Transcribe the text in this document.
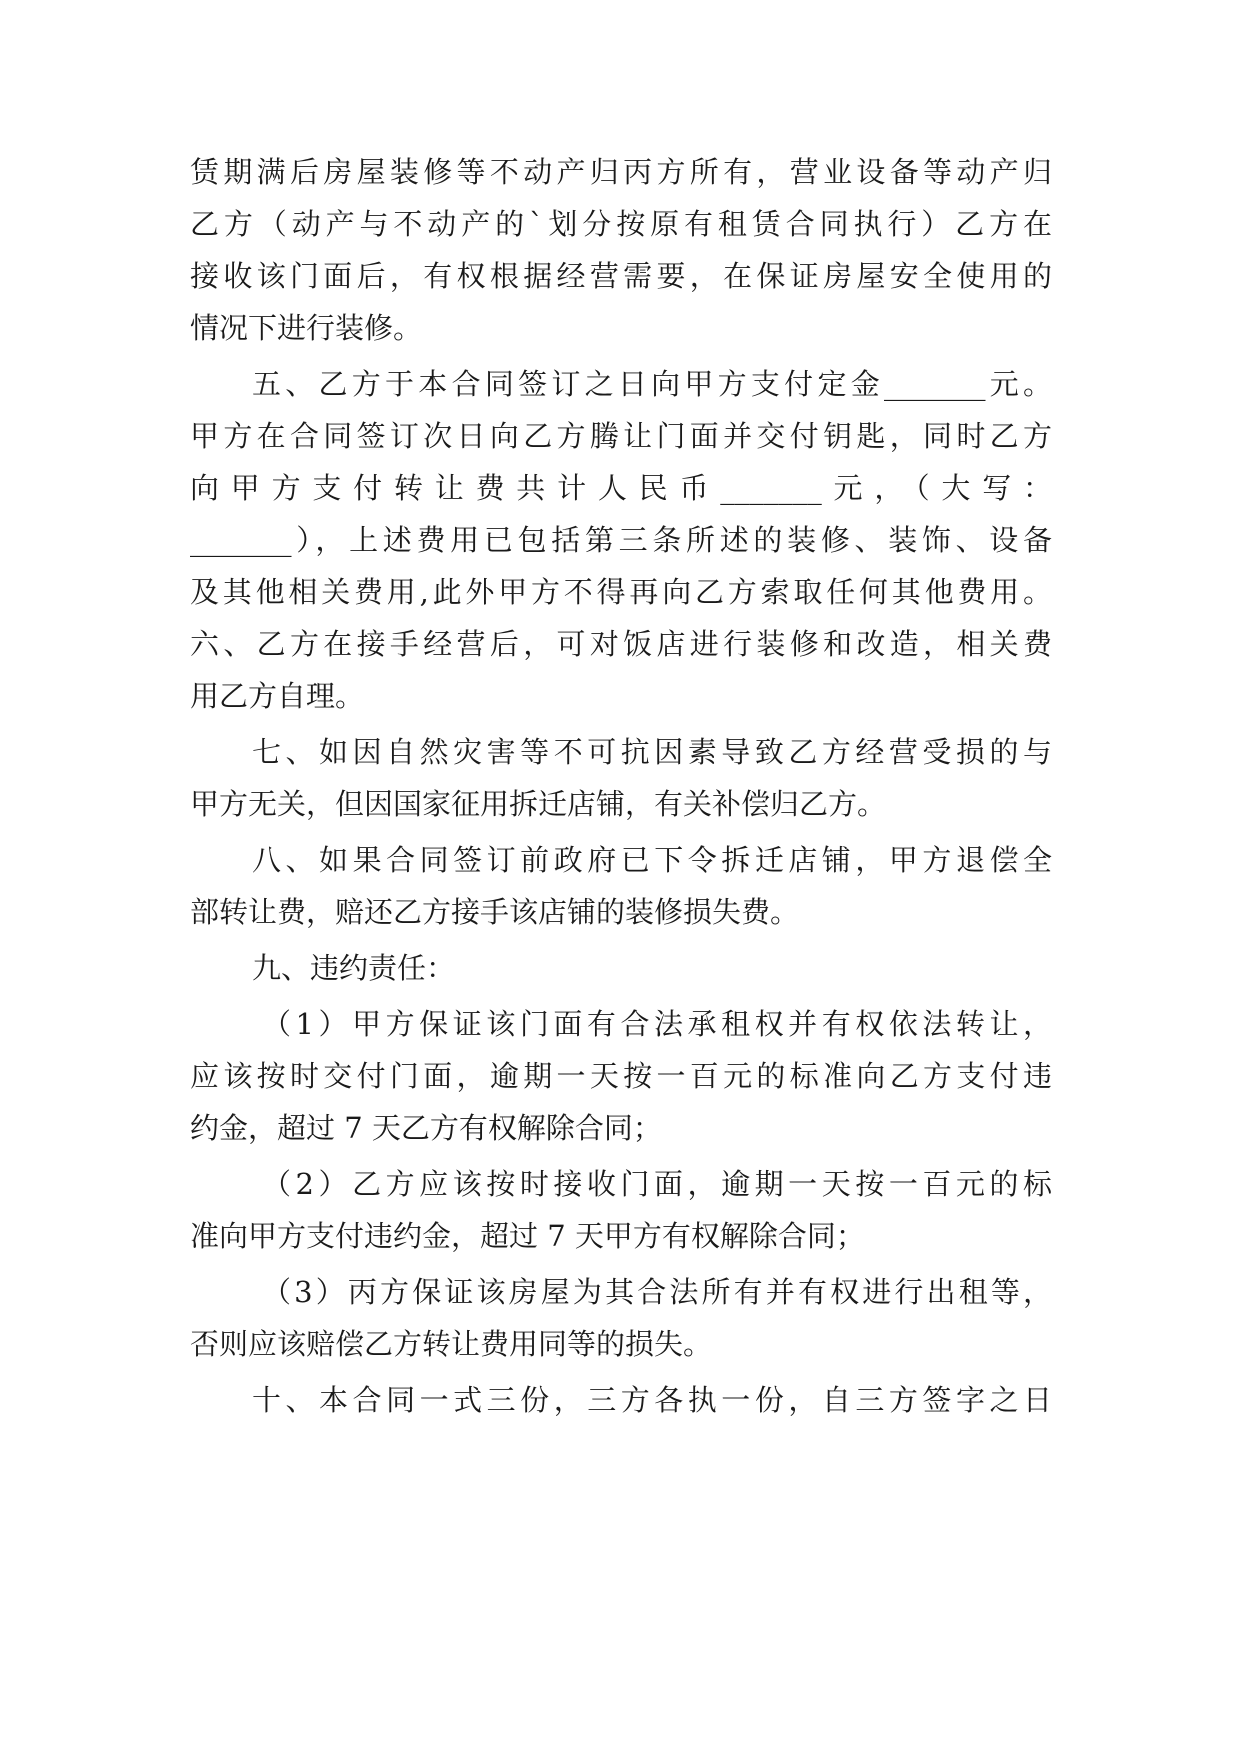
赁期满后房屋装修等不动产归丙方所有，营业设备等动产归
乙方（动产与不动产的`划分按原有租赁合同执行）乙方在
接收该门面后，有权根据经营需要，在保证房屋安全使用的
情况下进行装修。
五、乙方于本合同签订之日向甲方支付定金_______元。
甲方在合同签订次日向乙方腾让门面并交付钥匙，同时乙方
向甲方支付转让费共计人民币_______元，（大写：
_______），上述费用已包括第三条所述的装修、装饰、设备
及其他相关费用,此外甲方不得再向乙方索取任何其他费用。
六、乙方在接手经营后，可对饭店进行装修和改造，相关费
用乙方自理。
七、如因自然灾害等不可抗因素导致乙方经营受损的与
甲方无关，但因国家征用拆迁店铺，有关补偿归乙方。
八、如果合同签订前政府已下令拆迁店铺，甲方退偿全
部转让费，赔还乙方接手该店铺的装修损失费。
九、违约责任：
（1）甲方保证该门面有合法承租权并有权依法转让，
应该按时交付门面，逾期一天按一百元的标准向乙方支付违
约金，超过 7 天乙方有权解除合同；
（2）乙方应该按时接收门面，逾期一天按一百元的标
准向甲方支付违约金，超过 7 天甲方有权解除合同；
（3）丙方保证该房屋为其合法所有并有权进行出租等，
否则应该赔偿乙方转让费用同等的损失。
十、本合同一式三份，三方各执一份，自三方签字之日
